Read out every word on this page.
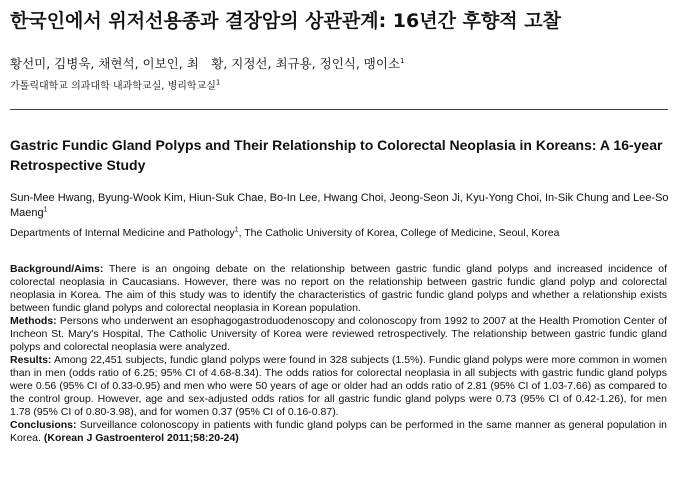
한국인에서 위저선용종과 결장암의 상관관계: 16년간 후향적 고찰
황선미, 김병욱, 채현석, 이보인, 최 황, 지정선, 최규용, 정인식, 맹이소$^1$
가톨릭대학교 의과대학 내과학교실, 병리학교실$^1$
Gastric Fundic Gland Polyps and Their Relationship to Colorectal Neoplasia in Koreans: A 16-year Retrospective Study
Sun-Mee Hwang, Byung-Wook Kim, Hiun-Suk Chae, Bo-In Lee, Hwang Choi, Jeong-Seon Ji, Kyu-Yong Choi, In-Sik Chung and Lee-So Maeng$^1$
Departments of Internal Medicine and Pathology$^1$, The Catholic University of Korea, College of Medicine, Seoul, Korea

Background/Aims: There is an ongoing debate on the relationship between gastric fundic gland polyps and increased incidence of colorectal neoplasia in Caucasians. However, there was no report on the relationship between gastric fundic gland polyp and colorectal neoplasia in Korea. The aim of this study was to identify the characteristics of gastric fundic gland polyps and whether a relationship exists between fundic gland polyps and colorectal neoplasia in Korean population.

Methods: Persons who underwent an esophagogastroduodenoscopy and colonoscopy from 1992 to 2007 at the Health Promotion Center of Incheon St. Mary's Hospital, The Catholic University of Korea were reviewed retrospectively. The relationship between gastric fundic gland polyps and colorectal neoplasia were analyzed.

Results: Among 22,451 subjects, fundic gland polyps were found in 328 subjects (1.5%). Fundic gland polyps were more common in women than in men (odds ratio of 6.25; 95% CI of 4.68-8.34). The odds ratios for colorectal neoplasia in all subjects with gastric fundic gland polyps were 0.56 (95% CI of 0.33-0.95) and men who were 50 years of age or older had an odds ratio of 2.81 (95% CI of 1.03-7.66) as compared to the control group. However, age and sex-adjusted odds ratios for all gastric fundic gland polyps were 0.73 (95% CI of 0.42-1.26), for men 1.78 (95% CI of 0.80-3.98), and for women 0.37 (95% CI of 0.16-0.87).

Conclusions: Surveillance colonoscopy in patients with fundic gland polyps can be performed in the same manner as general population in Korea. (Korean J Gastroenterol 2011;58:20-24)
